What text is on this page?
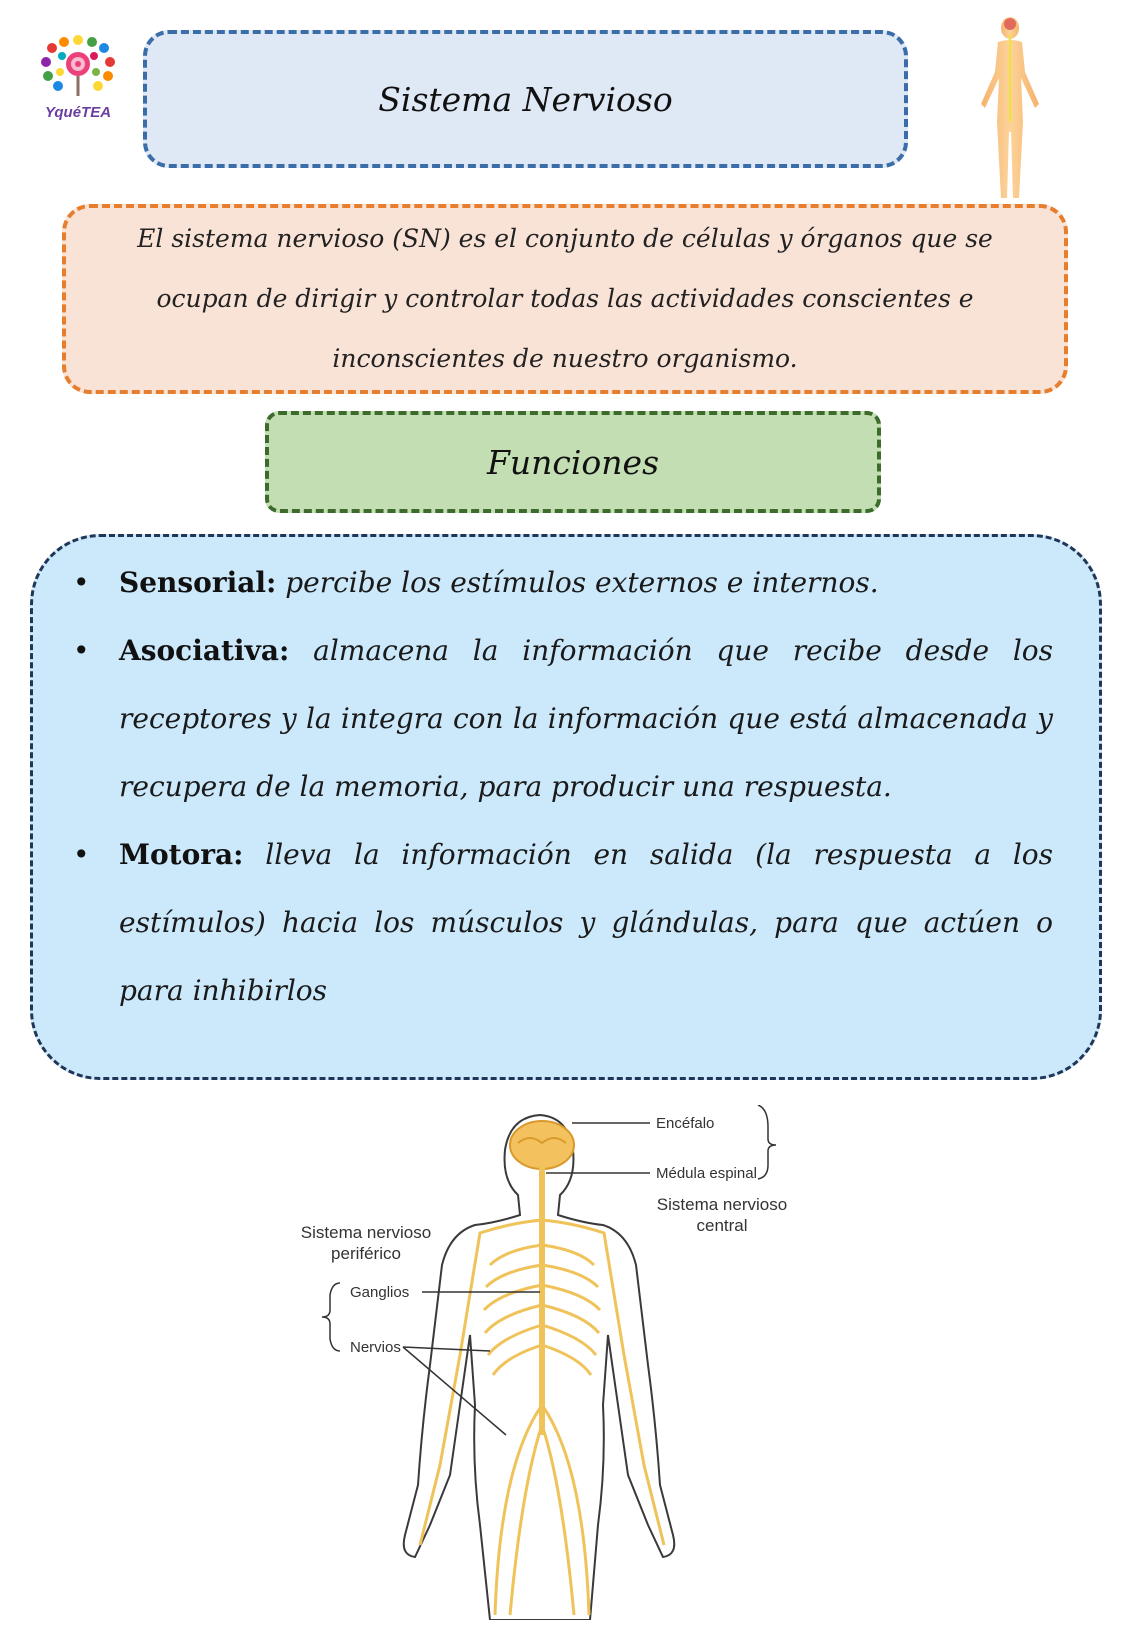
YquéTEA	Sistema Nervioso
El sistema nervioso (SN) es el conjunto de células y órganos que se ocupan de dirigir y controlar todas las actividades conscientes e inconscientes de nuestro organismo.
Funciones
• Sensorial: percibe los estímulos externos e internos.
• Asociativa: almacena la información que recibe desde los receptores y la integra con la información que está almacenada y recupera de la memoria, para producir una respuesta.
• Motora: lleva la información en salida (la respuesta a los estímulos) hacia los músculos y glándulas, para que actúen o para inhibirlos
Encéfalo
Médula espinal
Sistema nervioso
central
Sistema nervioso
periférico
Ganglios
Nervios
